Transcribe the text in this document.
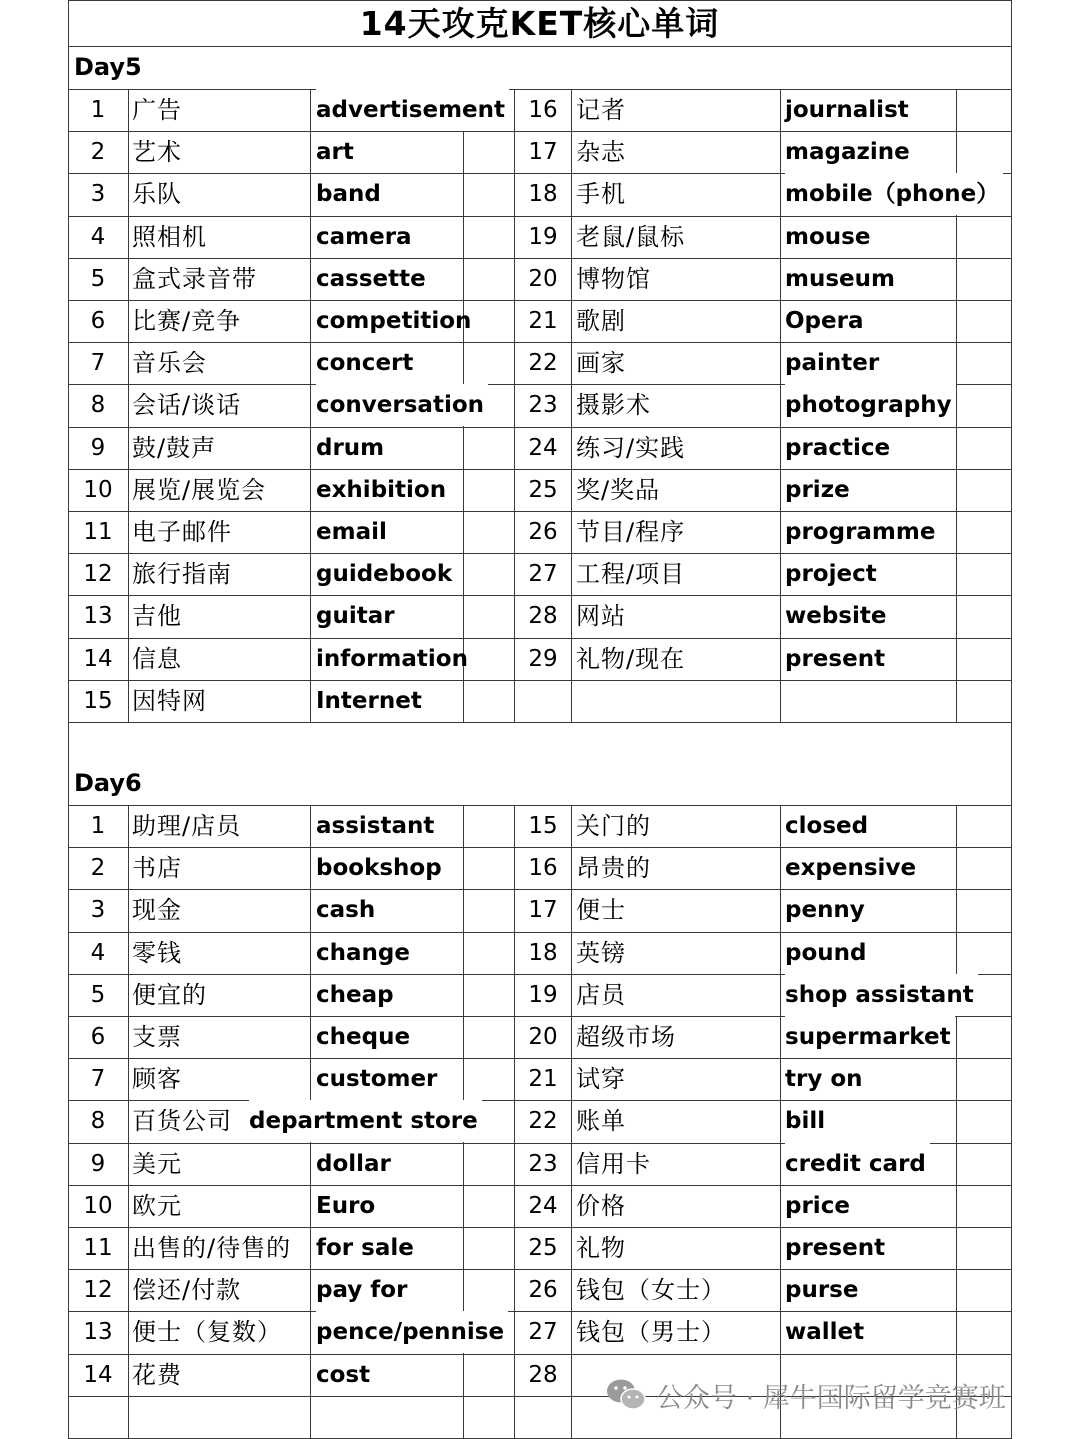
14天攻克KET核心单词
Day5
1	广告	advertisement	16 记者	journalist
2	艺术	art	17 杂志	magazine
3	乐队	band	18 手机	mobile（phone）
4	照相机	camera	19 老鼠/鼠标	mouse
5	盒式录音带	cassette	20 博物馆	museum
6	比赛/竞争	competition	21 歌剧	Opera
7	音乐会	concert	22 画家	painter
8	会话/谈话	conversation	23 摄影术	photography
9	鼓/鼓声	drum	24 练习/实践	practice
10 展览/展览会 exhibition	25 奖/奖品	prize
11 电子邮件	email	26 节目/程序	programme
12 旅行指南	guidebook	27 工程/项目	project
13 吉他	guitar	28 网站	website
14 信息	information	29 礼物/现在	present
15 因特网	Internet
Day6
1	助理/店员	assistant	15 关门的	closed
2	书店	bookshop	16 昂贵的	expensive
3	现金	cash	17 便士	penny
4	零钱	change	18 英镑	pound
5	便宜的	cheap	19 店员	shop assistant
6	支票	cheque	20 超级市场	supermarket
7	顾客	customer	21 试穿	try on
8	百货公司 department store	22 账单	bill
9	美元	dollar	23 信用卡	credit card
10 欧元	Euro	24 价格	price
11 出售的/待售的 for sale	25 礼物	present
12 偿还/付款	pay for	26 钱包（女士）	purse
13 便士（复数） pence/pennise	27 钱包（男士）	wallet
14 花费	cost	28
公众号 · 犀牛国际留学竞赛班
